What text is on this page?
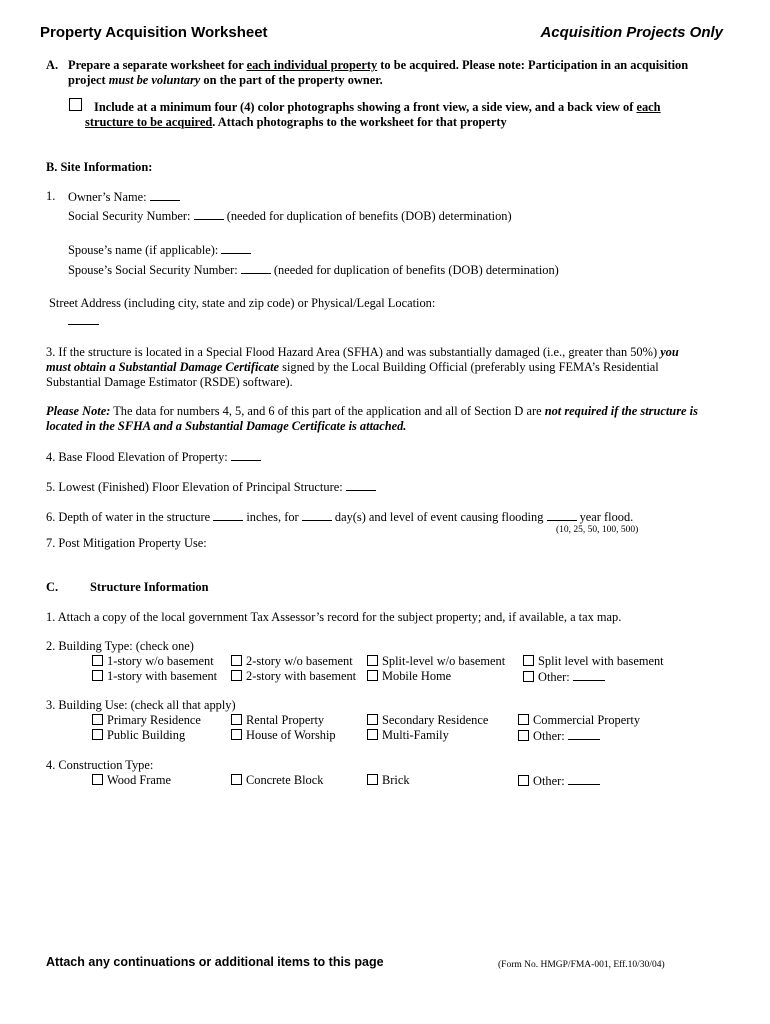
Property Acquisition Worksheet	Acquisition Projects Only
A. Prepare a separate worksheet for each individual property to be acquired. Please note: Participation in an acquisition
project must be voluntary on the part of the property owner.
Include at a minimum four (4) color photographs showing a front view, a side view, and a back view of each
structure to be acquired. Attach photographs to the worksheet for that property
B. Site Information:
1. Owner’s Name:
Social Security Number:	(needed for duplication of benefits (DOB) determination)
Spouse’s name (if applicable):
Spouse’s Social Security Number:	(needed for duplication of benefits (DOB) determination)
Street Address (including city, state and zip code) or Physical/Legal Location:
3. If the structure is located in a Special Flood Hazard Area (SFHA) and was substantially damaged (i.e., greater than 50%) you
must obtain a Substantial Damage Certificate signed by the Local Building Official (preferably using FEMA’s Residential
Substantial Damage Estimator (RSDE) software).
Please Note: The data for numbers 4, 5, and 6 of this part of the application and all of Section D are not required if the structure is
located in the SFHA and a Substantial Damage Certificate is attached.
4. Base Flood Elevation of Property:
5. Lowest (Finished) Floor Elevation of Principal Structure:
6. Depth of water in the structure	inches, for	day(s) and level of event causing flooding	year flood.
(10, 25, 50, 100, 500)
7. Post Mitigation Property Use:
C.	Structure Information
1. Attach a copy of the local government Tax Assessor’s record for the subject property; and, if available, a tax map.
2. Building Type: (check one)
1-story w/o basement	2-story w/o basement	Split-level w/o basement	Split level with basement
1-story with basement	2-story with basement	Mobile Home	Other:
3. Building Use: (check all that apply)
Primary Residence	Rental Property	Secondary Residence	Commercial Property
Public Building	House of Worship	Multi-Family	Other:
4. Construction Type:
Wood Frame	Concrete Block	Brick	Other:
Attach any continuations or additional items to this page	(Form No. HMGP/FMA-001, Eff.10/30/04)
